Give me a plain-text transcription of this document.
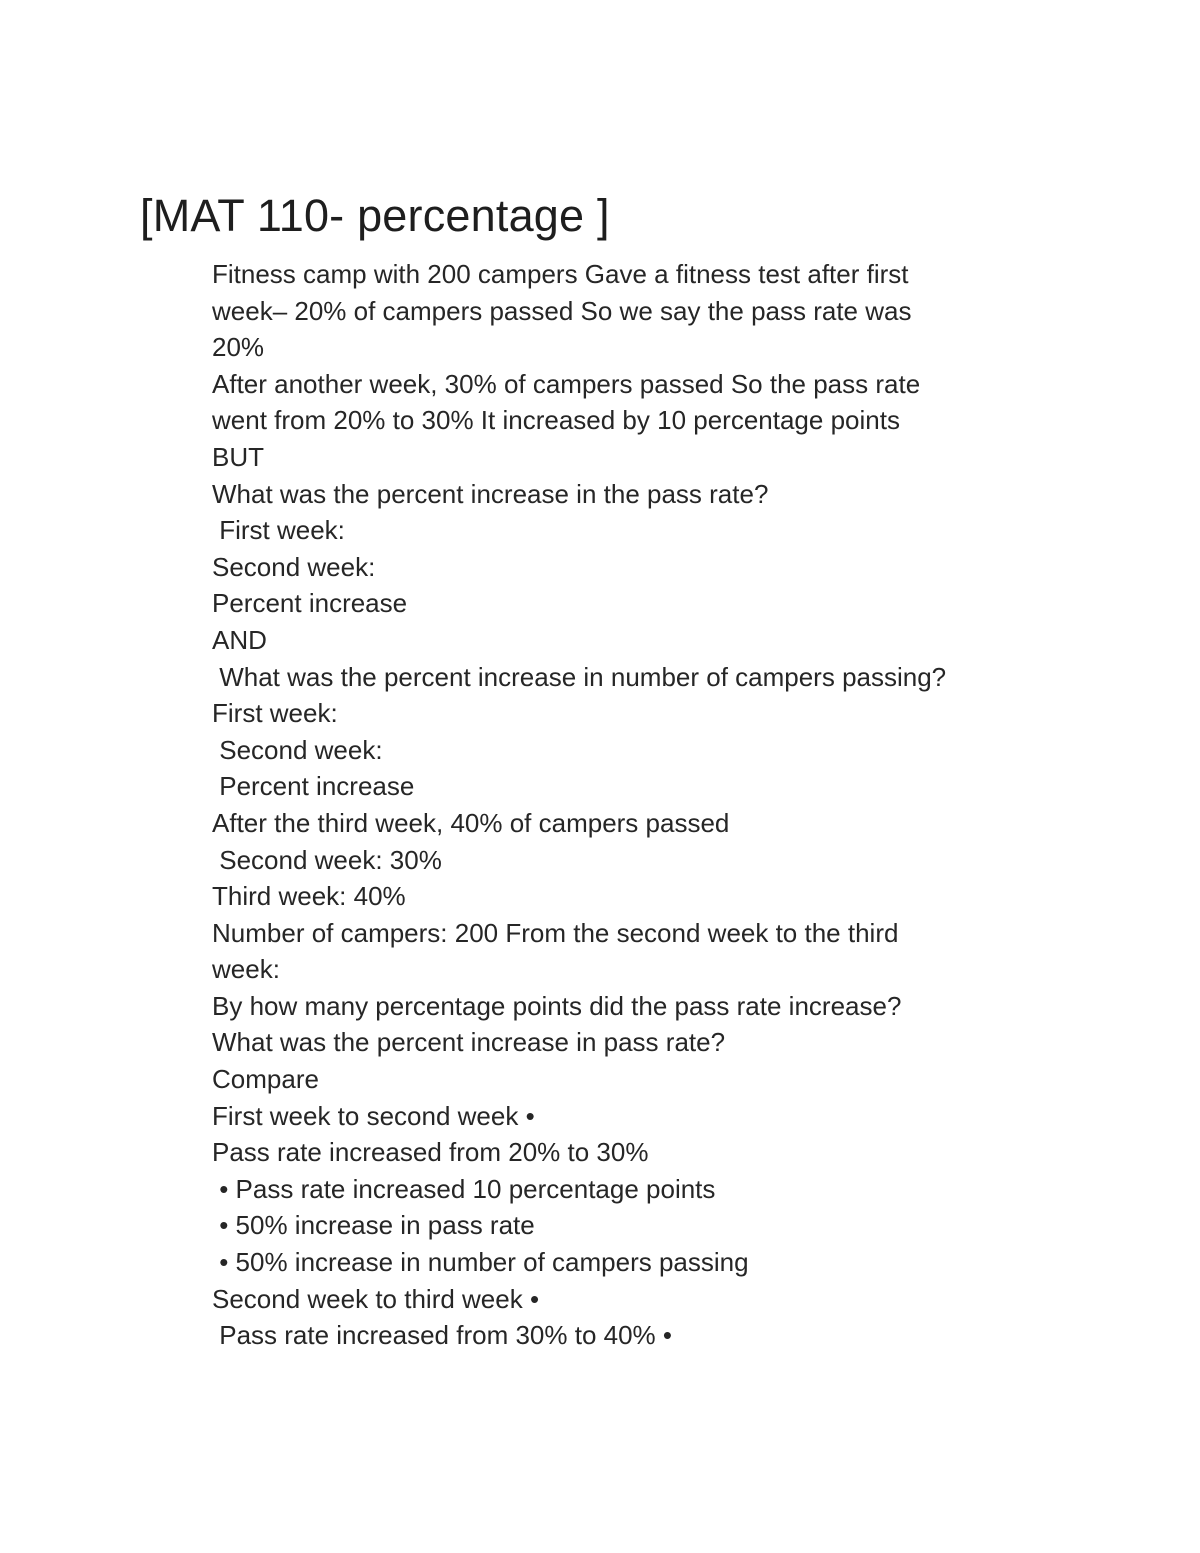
[MAT 110- percentage ]

Fitness camp with 200 campers Gave a fitness test after first

week– 20% of campers passed So we say the pass rate was

20%

After another week, 30% of campers passed So the pass rate

went from 20% to 30% It increased by 10 percentage points

BUT

What was the percent increase in the pass rate?

First week:

Second week:

Percent increase

AND

What was the percent increase in number of campers passing?

First week:

Second week:

Percent increase

After the third week, 40% of campers passed

Second week: 30%

Third week: 40%

Number of campers: 200 From the second week to the third

week:

By how many percentage points did the pass rate increase?

What was the percent increase in pass rate?

Compare

First week to second week •

Pass rate increased from 20% to 30%

• Pass rate increased 10 percentage points

• 50% increase in pass rate

• 50% increase in number of campers passing

Second week to third week •

Pass rate increased from 30% to 40% •
